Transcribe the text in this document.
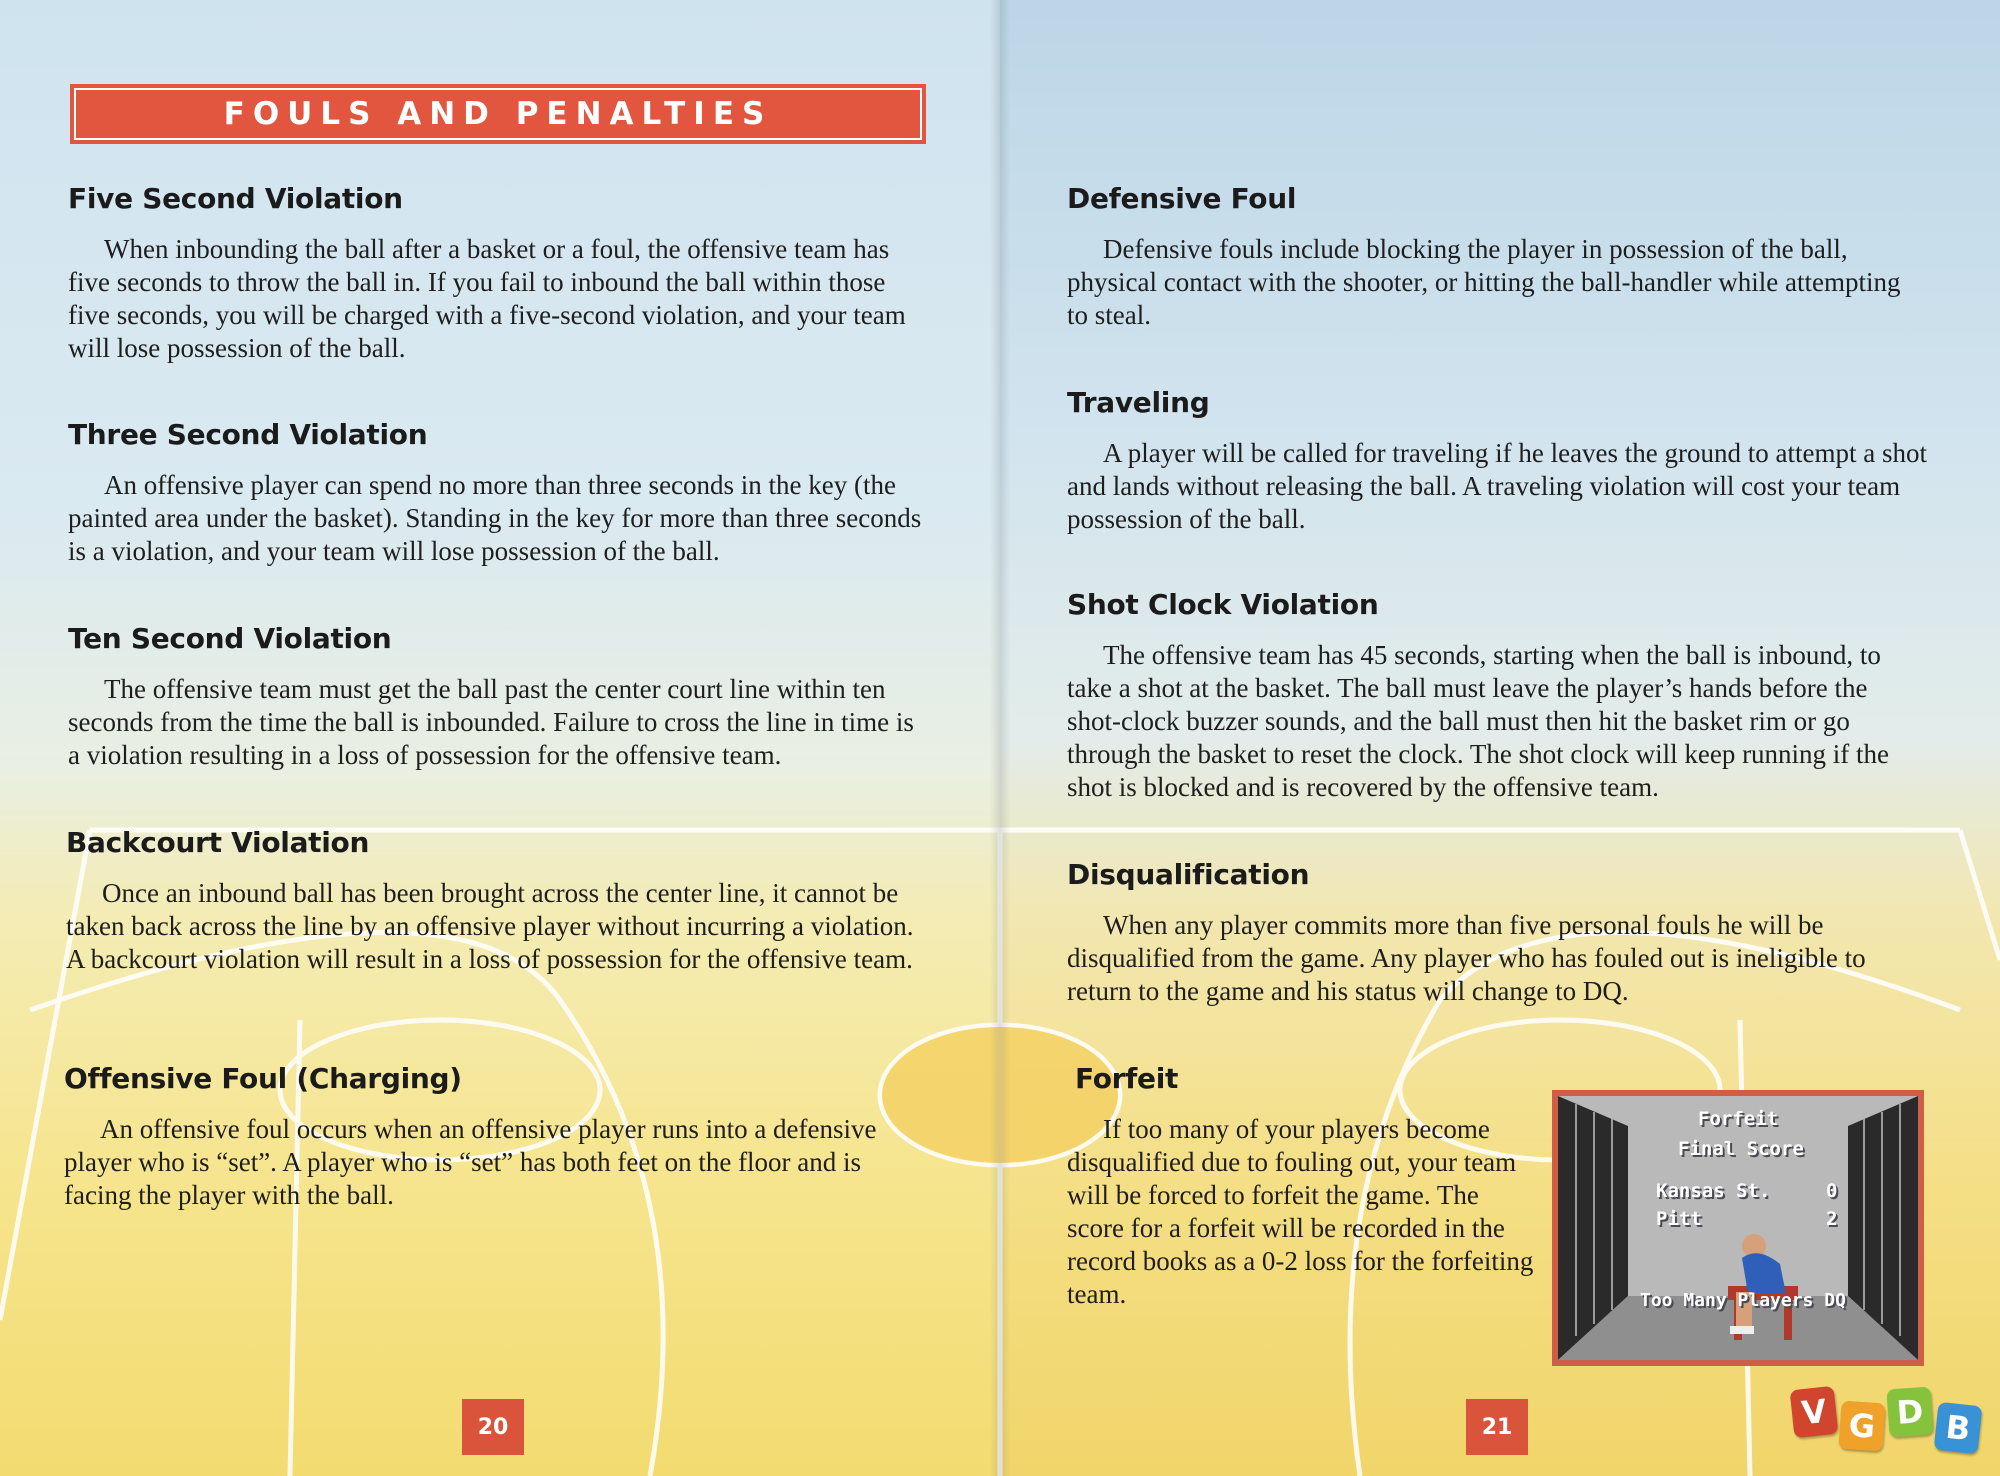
FOULS AND PENALTIES
Five Second Violation

When inbounding the ball after a basket or a foul, the offensive team has five seconds to throw the ball in. If you fail to inbound the ball within those five seconds, you will be charged with a five-second violation, and your team will lose possession of the ball.

Three Second Violation

An offensive player can spend no more than three seconds in the key (the painted area under the basket). Standing in the key for more than three seconds is a violation, and your team will lose possession of the ball.

Ten Second Violation

The offensive team must get the ball past the center court line within ten seconds from the time the ball is inbounded. Failure to cross the line in time is a violation resulting in a loss of possession for the offensive team.

Backcourt Violation

Once an inbound ball has been brought across the center line, it cannot be taken back across the line by an offensive player without incurring a violation. A backcourt violation will result in a loss of possession for the offensive team.

Offensive Foul (Charging)

An offensive foul occurs when an offensive player runs into a defensive player who is “set”. A player who is “set” has both feet on the floor and is facing the player with the ball.

Defensive Foul

Defensive fouls include blocking the player in possession of the ball, physical contact with the shooter, or hitting the ball-handler while attempting to steal.

Traveling

A player will be called for traveling if he leaves the ground to attempt a shot and lands without releasing the ball. A traveling violation will cost your team possession of the ball.

Shot Clock Violation

The offensive team has 45 seconds, starting when the ball is inbound, to take a shot at the basket. The ball must leave the player’s hands before the shot-clock buzzer sounds, and the ball must then hit the basket rim or go through the basket to reset the clock. The shot clock will keep running if the shot is blocked and is recovered by the offensive team.

Disqualification

When any player commits more than five personal fouls he will be disqualified from the game. Any player who has fouled out is ineligible to return to the game and his status will change to DQ.

Forfeit

If too many of your players become disqualified due to fouling out, your team will be forced to forfeit the game. The score for a forfeit will be recorded in the record books as a 0-2 loss for the forfeiting team.

Forfeit
Final Score
Kansas St.	0
Pitt	2
Too Many Players DQ
20	21	V G D B
